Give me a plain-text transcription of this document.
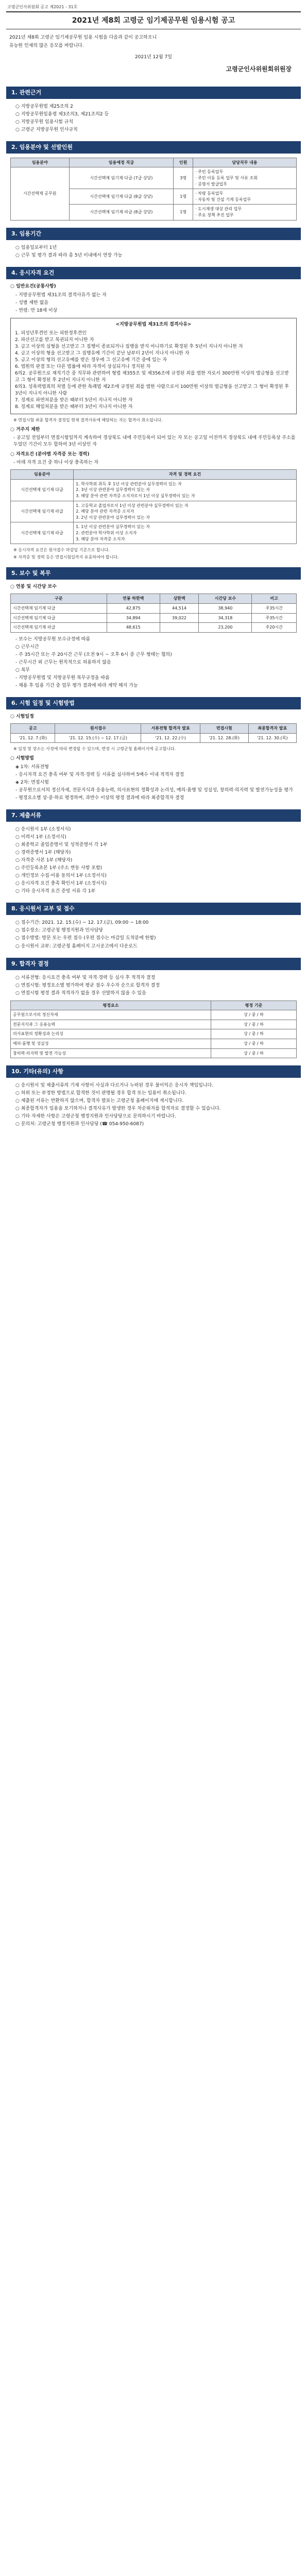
고령군인사위원회 공고 제2021 - 31호
2021년 제8회 고령군 임기제공무원 임용시험 공고

2021년 제8회 고령군 임기제공무원 임용 시험을 다음과 같이 공고하오니

유능한 인재의 많은 응모를 바랍니다.

2021년 12월 7일
고령군인사위원회위원장
1. 관련근거
○ 지방공무원법 제25조의 2
○ 지방공무원임용령 제3조의3, 제21조의2 등
○ 지방공무원 임용시험 규칙
○ 고령군 지방공무원 인사규칙
2. 임용분야 및 선발인원
임용분야	임용예정 직급	인원	담당직무 내용
시간선택제 공무원	시간선택제 임기제 다급 (7급 상당)	3명	· 주민 등록업무
· 주민 이동 등록 업무 및 사유 조회
· 증명서 발급업무
	시간선택제 임기제 다급 (8급 상당)	1명	· 차량 등록업무
· 자동차 및 건설 기계 등록업무
	시간선택제 임기제 라급 (8급 상당)	1명	· 도시재생 대상 관리 업무
· 주요 정책 추진 업무
3. 임용기간
○ 임용일로부터 1년
○ 근무 및 평가 결과 따라 총 5년 이내에서 연장 가능
4. 응시자격 요건
○ 일반요건(공통사항)
- 지방공무원법 제31조의 결격사유가 없는 자
- 성별 제한 없음
- 연령: 만 18세 이상
<지방공무원법 제31조의 결격사유>
1. 피성년후견인 또는 피한정후견인
2. 파산선고를 받고 복권되지 아니한 자
3. 금고 이상의 실형을 선고받고 그 집행이 종료되거나 집행을 받지 아니하기로 확정된 후 5년이 지나지 아니한 자
4. 금고 이상의 형을 선고받고 그 집행유예 기간이 끝난 날부터 2년이 지나지 아니한 자
5. 금고 이상의 형의 선고유예를 받은 경우에 그 선고유예 기간 중에 있는 자
6. 법원의 판결 또는 다른 법률에 따라 자격이 상실되거나 정지된 자
6의2. 공무원으로 재직기간 중 직무와 관련하여 형법 제355조 및 제356조에 규정된 죄를 범한 자로서 300만원 이상의 벌금형을 선고받고 그 형이 확정된 후 2년이 지나지 아니한 자
6의3. 성폭력범죄의 처벌 등에 관한 특례법 제2조에 규정된 죄를 범한 사람으로서 100만원 이상의 벌금형을 선고받고 그 형이 확정된 후 3년이 지나지 아니한 사람
7. 징계로 파면처분을 받은 때부터 5년이 지나지 아니한 자
8. 징계로 해임처분을 받은 때부터 3년이 지나지 아니한 자
※ 면접시험 최종 합격자 결정일 현재 결격사유에 해당하는 자는 합격이 취소됩니다.
○ 거주지 제한
- 공고일 전일부터 면접시험일까지 계속하여 경상북도 내에 주민등록이 되어 있는 자 또는 공고일 이전까지 경상북도 내에 주민등록상 주소를 두었던 기간이 모두 합하여 3년 이상인 자
○ 자격요건 (분야별 자격증 또는 경력)
- 아래 자격 요건 중 하나 이상 충족하는 자
임용분야	자격 및 경력 요건
시간선택제 임기제 다급	1. 학사학위 취득 후 1년 이상 관련분야 실무경력이 있는 자
2. 3년 이상 관련분야 실무경력이 있는 자
3. 해당 분야 관련 자격증 소지자로서 1년 이상 실무경력이 있는 자
시간선택제 임기제 라급	1. 고등학교 졸업자로서 1년 이상 관련분야 실무경력이 있는 자
2. 해당 분야 관련 자격증 소지자
3. 2년 이상 관련분야 실무경력이 있는 자
시간선택제 임기제 라급	1. 1년 이상 관련분야 실무경력이 있는 자
2. 관련분야 학사학위 이상 소지자
3. 해당 분야 자격증 소지자
※ 응시자격 요건은 원서접수 마감일 기준으로 합니다.
※ 자격증 및 경력 등은 면접시험일까지 유효하여야 합니다.
5. 보수 및 복무
○ 연봉 및 시간당 보수
구분	연봉 하한액	상한액	시간당 보수	비고
시간선택제 임기제 다급	42,875	44,514	38,940	주35시간
시간선택제 임기제 다급	34,894	39,022	34,318	주35시간
시간선택제 임기제 라급	48,615		23,200	주20시간
- 보수는 지방공무원 보수규정에 따름
○ 근무시간
- 주 35시간 또는 주 20시간 근무 (오전 9시 ~ 오후 6시 중 근무 형태는 협의)
- 근무시간 외 근무는 원칙적으로 허용하지 않음
○ 복무
- 지방공무원법 및 지방공무원 복무규정을 따름
- 채용 후 임용 기간 중 업무 평가 결과에 따라 계약 해지 가능
6. 시험 일정 및 시험방법
○ 시험일정
공고	원서접수	서류전형 합격자 발표	면접시험	최종합격자 발표
'21. 12. 7.(화)	'21. 12. 15.(수) ~ 12. 17.(금)	'21. 12. 22.(수)	'21. 12. 28.(화)	'21. 12. 30.(목)
※ 일정 및 장소는 사정에 따라 변경될 수 있으며, 변경 시 고령군청 홈페이지에 공고합니다.
○ 시험방법
◈ 1차: 서류전형
- 응시자격 요건 충족 여부 및 자격·경력 등 서류를 심사하여 5배수 이내 적격자 결정
◈ 2차: 면접시험
- 공무원으로서의 정신자세, 전문지식과 응용능력, 의사표현의 정확성과 논리성, 예의·품행 및 성실성, 창의력·의지력 및 발전가능성을 평가
- 평정요소별 상·중·하로 평정하며, 과반수 이상의 평정 결과에 따라 최종합격자 결정
7. 제출서류
○ 응시원서 1부 (소정서식)
○ 이력서 1부 (소정서식)
○ 최종학교 졸업증명서 및 성적증명서 각 1부
○ 경력증명서 1부 (해당자)
○ 자격증 사본 1부 (해당자)
○ 주민등록초본 1부 (주소 변동 사항 포함)
○ 개인정보 수집·이용 동의서 1부 (소정서식)
○ 응시자격 요건 충족 확인서 1부 (소정서식)
○ 기타 응시자격 요건 증빙 서류 각 1부
8. 응시원서 교부 및 접수
○ 접수기간: 2021. 12. 15.(수) ~ 12. 17.(금), 09:00 ~ 18:00
○ 접수장소: 고령군청 행정지원과 인사담당
○ 접수방법: 방문 또는 우편 접수 (우편 접수는 마감일 도착분에 한함)
○ 응시원서 교부: 고령군청 홈페이지 고시공고에서 다운로드
9. 합격자 결정
○ 서류전형: 응시요건 충족 여부 및 자격·경력 등 심사 후 적격자 결정
○ 면접시험: 평정요소별 평가하여 평균 점수 우수자 순으로 합격자 결정
○ 면접시험 평정 결과 적격자가 없을 경우 선발하지 않을 수 있음
평정요소	평정 기준
공무원으로서의 정신자세	상 / 중 / 하
전문지식과 그 응용능력	상 / 중 / 하
의사표현의 정확성과 논리성	상 / 중 / 하
예의·품행 및 성실성	상 / 중 / 하
창의력·의지력 및 발전 가능성	상 / 중 / 하
10. 기타(유의) 사항
○ 응시원서 및 제출서류의 기재 사항이 사실과 다르거나 누락된 경우 불이익은 응시자 책임입니다.
○ 허위 또는 부정한 방법으로 합격한 것이 판명될 경우 합격 또는 임용이 취소됩니다.
○ 제출된 서류는 반환하지 않으며, 합격자 발표는 고령군청 홈페이지에 게시합니다.
○ 최종합격자가 임용을 포기하거나 결격사유가 발생한 경우 차순위자를 합격자로 결정할 수 있습니다.
○ 기타 자세한 사항은 고령군청 행정지원과 인사담당으로 문의하시기 바랍니다.
○ 문의처: 고령군청 행정지원과 인사담당 (☎ 054-950-6087)
